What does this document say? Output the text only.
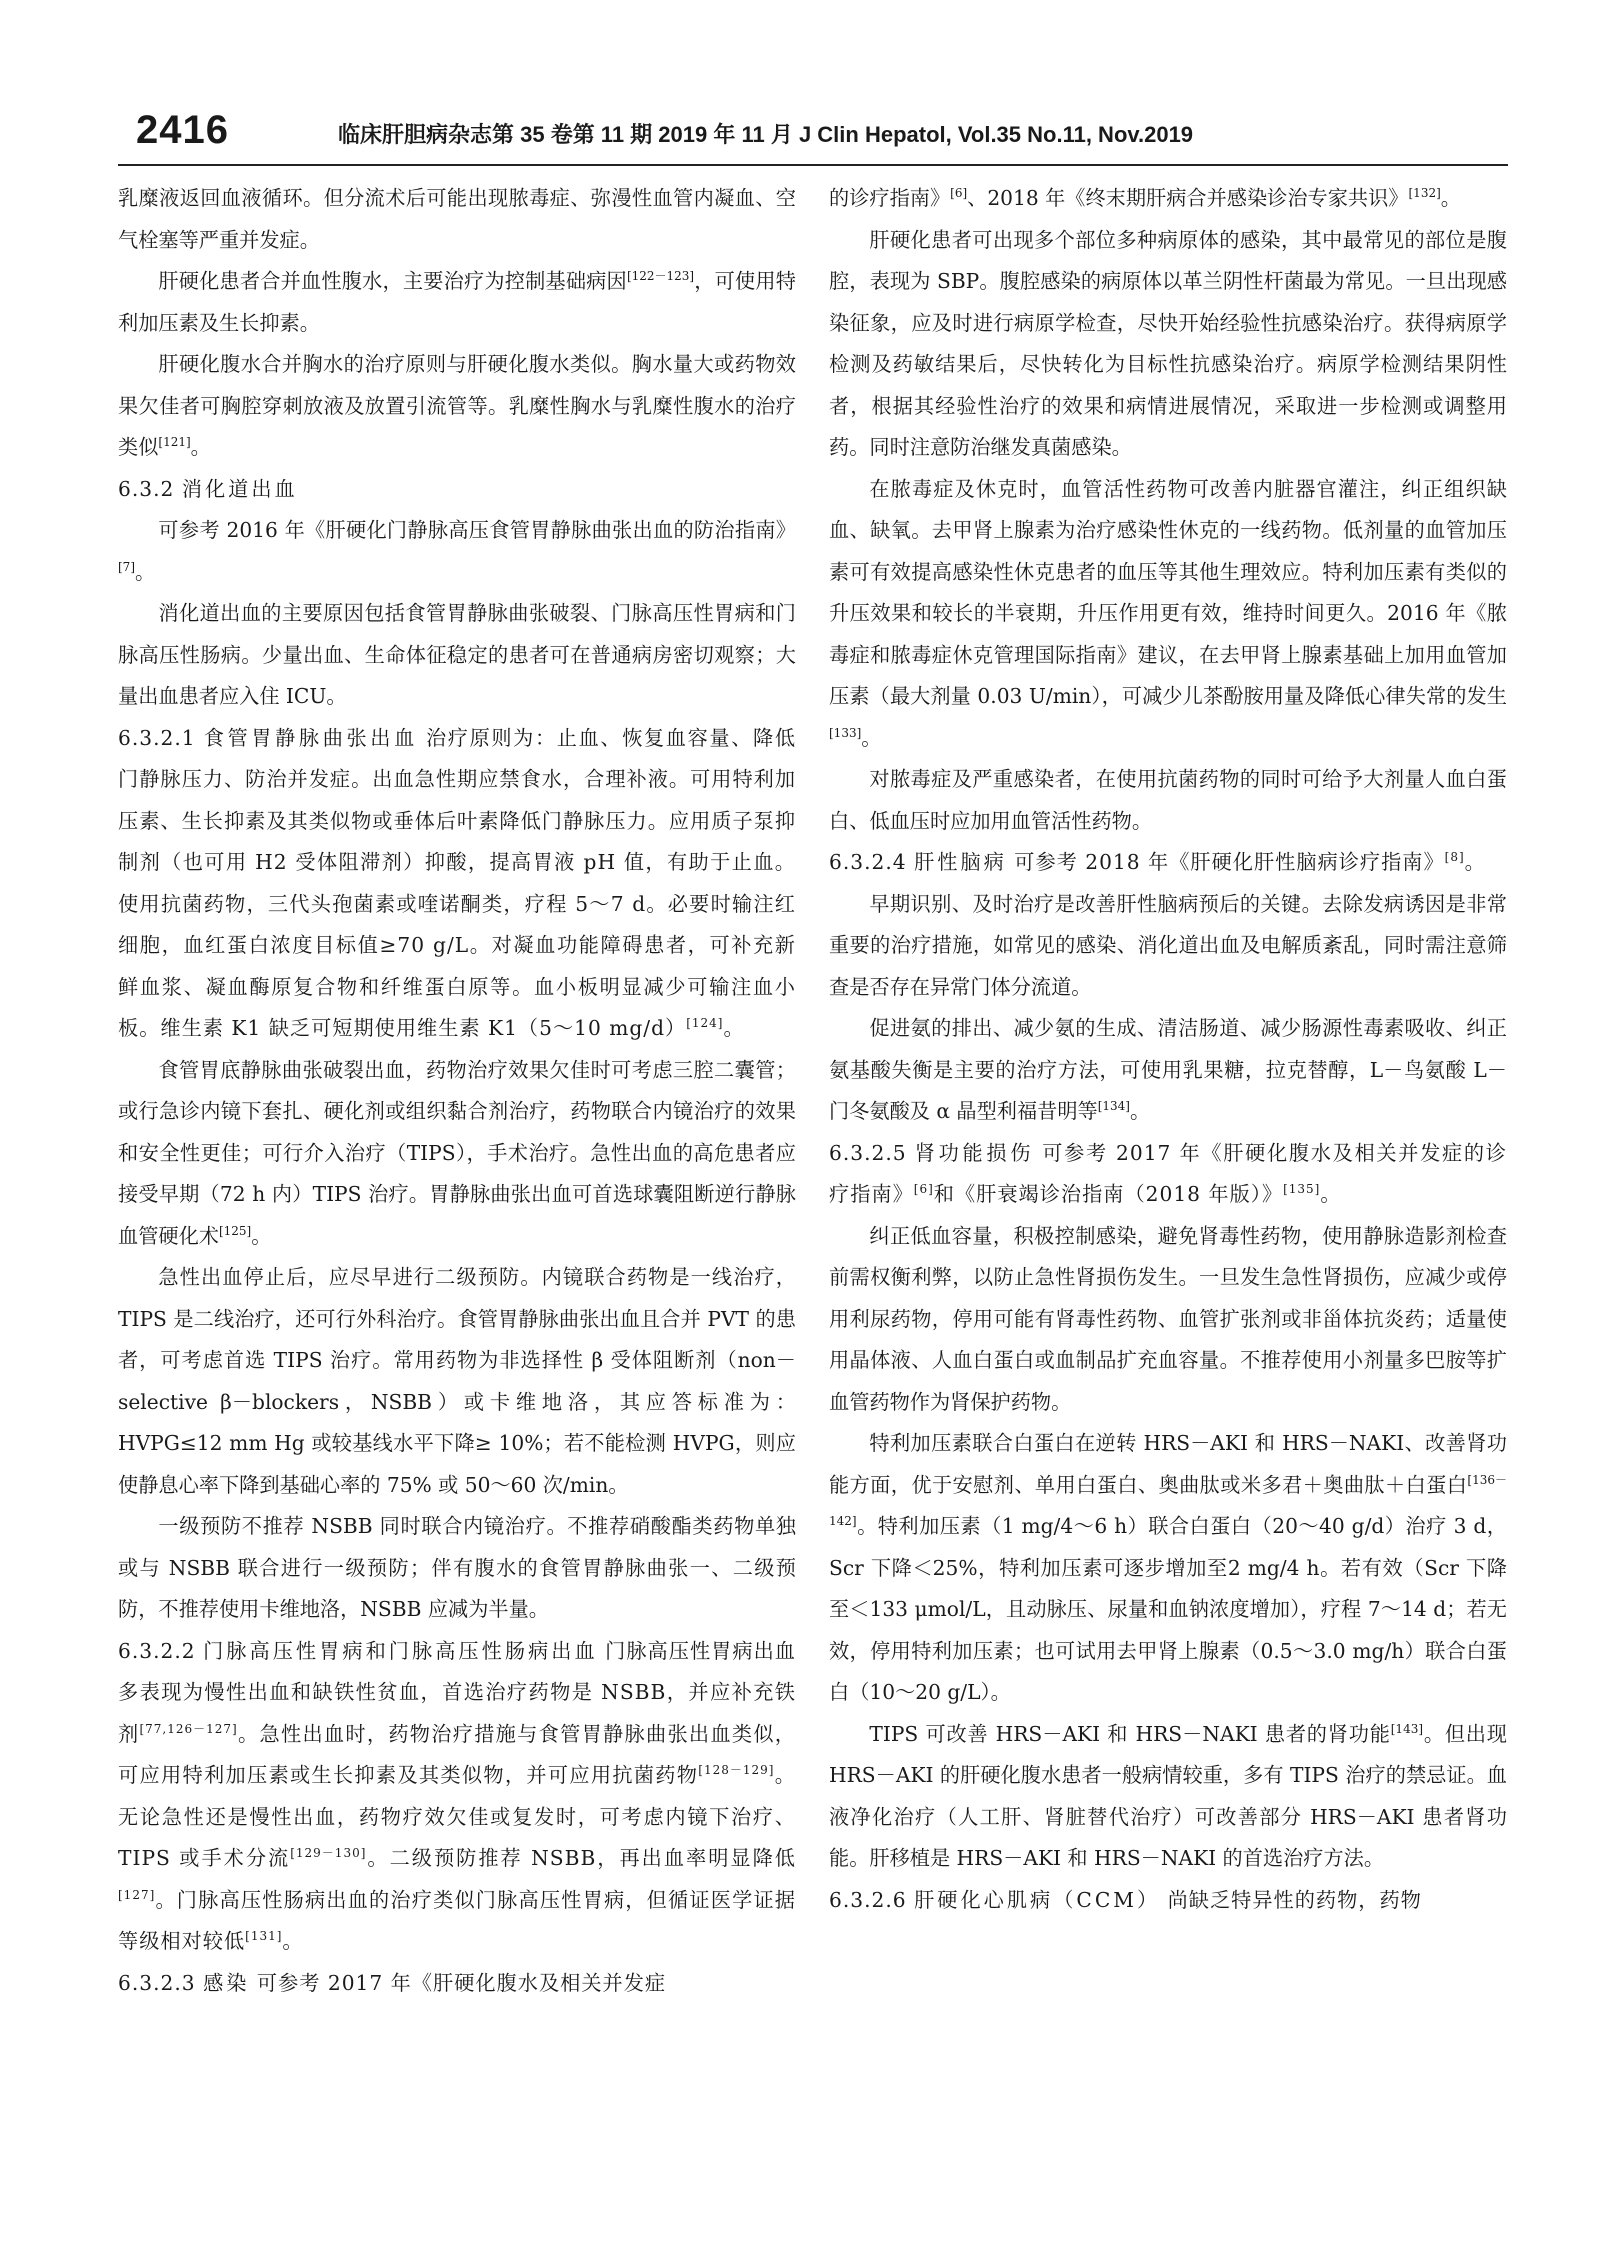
2416	临床肝胆病杂志第 35 卷第 11 期 2019 年 11 月 J Clin Hepatol, Vol.35 No.11, Nov.2019

乳糜液返回血液循环。但分流术后可能出现脓毒症、弥漫性血管内凝血、空气栓塞等严重并发症。

肝硬化患者合并血性腹水，主要治疗为控制基础病因[122－123]，可使用特利加压素及生长抑素。

肝硬化腹水合并胸水的治疗原则与肝硬化腹水类似。胸水量大或药物效果欠佳者可胸腔穿刺放液及放置引流管等。乳糜性胸水与乳糜性腹水的治疗类似[121]。

6.3.2 消化道出血

可参考 2016 年《肝硬化门静脉高压食管胃静脉曲张出血的防治指南》[7]。

消化道出血的主要原因包括食管胃静脉曲张破裂、门脉高压性胃病和门脉高压性肠病。少量出血、生命体征稳定的患者可在普通病房密切观察；大量出血患者应入住 ICU。

6.3.2.1 食管胃静脉曲张出血 治疗原则为：止血、恢复血容量、降低门静脉压力、防治并发症。出血急性期应禁食水，合理补液。可用特利加压素、生长抑素及其类似物或垂体后叶素降低门静脉压力。应用质子泵抑制剂（也可用 H2 受体阻滞剂）抑酸，提高胃液 pH 值，有助于止血。使用抗菌药物，三代头孢菌素或喹诺酮类，疗程 5～7 d。必要时输注红细胞，血红蛋白浓度目标值≥70 g/L。对凝血功能障碍患者，可补充新鲜血浆、凝血酶原复合物和纤维蛋白原等。血小板明显减少可输注血小板。维生素 K1 缺乏可短期使用维生素 K1（5～10 mg/d）[124]。

食管胃底静脉曲张破裂出血，药物治疗效果欠佳时可考虑三腔二囊管；或行急诊内镜下套扎、硬化剂或组织黏合剂治疗，药物联合内镜治疗的效果和安全性更佳；可行介入治疗（TIPS），手术治疗。急性出血的高危患者应接受早期（72 h 内）TIPS 治疗。胃静脉曲张出血可首选球囊阻断逆行静脉血管硬化术[125]。

急性出血停止后，应尽早进行二级预防。内镜联合药物是一线治疗，TIPS 是二线治疗，还可行外科治疗。食管胃静脉曲张出血且合并 PVT 的患者，可考虑首选 TIPS 治疗。常用药物为非选择性 β 受体阻断剂（non－selective β－blockers，NSBB）或卡维地洛，其应答标准为：HVPG≤12 mm Hg 或较基线水平下降≥ 10%；若不能检测 HVPG，则应使静息心率下降到基础心率的 75% 或 50～60 次/min。

一级预防不推荐 NSBB 同时联合内镜治疗。不推荐硝酸酯类药物单独或与 NSBB 联合进行一级预防；伴有腹水的食管胃静脉曲张一、二级预防，不推荐使用卡维地洛，NSBB 应减为半量。

6.3.2.2 门脉高压性胃病和门脉高压性肠病出血 门脉高压性胃病出血多表现为慢性出血和缺铁性贫血，首选治疗药物是 NSBB，并应补充铁剂[77,126－127]。急性出血时，药物治疗措施与食管胃静脉曲张出血类似，可应用特利加压素或生长抑素及其类似物，并可应用抗菌药物[128－129]。无论急性还是慢性出血，药物疗效欠佳或复发时，可考虑内镜下治疗、TIPS 或手术分流[129－130]。二级预防推荐 NSBB，再出血率明显降低[127]。门脉高压性肠病出血的治疗类似门脉高压性胃病，但循证医学证据等级相对较低[131]。

6.3.2.3 感染 可参考 2017 年《肝硬化腹水及相关并发症

的诊疗指南》[6]、2018 年《终末期肝病合并感染诊治专家共识》[132]。

肝硬化患者可出现多个部位多种病原体的感染，其中最常见的部位是腹腔，表现为 SBP。腹腔感染的病原体以革兰阴性杆菌最为常见。一旦出现感染征象，应及时进行病原学检查，尽快开始经验性抗感染治疗。获得病原学检测及药敏结果后，尽快转化为目标性抗感染治疗。病原学检测结果阴性者，根据其经验性治疗的效果和病情进展情况，采取进一步检测或调整用药。同时注意防治继发真菌感染。

在脓毒症及休克时，血管活性药物可改善内脏器官灌注，纠正组织缺血、缺氧。去甲肾上腺素为治疗感染性休克的一线药物。低剂量的血管加压素可有效提高感染性休克患者的血压等其他生理效应。特利加压素有类似的升压效果和较长的半衰期，升压作用更有效，维持时间更久。2016 年《脓毒症和脓毒症休克管理国际指南》建议，在去甲肾上腺素基础上加用血管加压素（最大剂量 0.03 U/min），可减少儿茶酚胺用量及降低心律失常的发生[133]。

对脓毒症及严重感染者，在使用抗菌药物的同时可给予大剂量人血白蛋白、低血压时应加用血管活性药物。

6.3.2.4 肝性脑病 可参考 2018 年《肝硬化肝性脑病诊疗指南》[8]。

早期识别、及时治疗是改善肝性脑病预后的关键。去除发病诱因是非常重要的治疗措施，如常见的感染、消化道出血及电解质紊乱，同时需注意筛查是否存在异常门体分流道。

促进氨的排出、减少氨的生成、清洁肠道、减少肠源性毒素吸收、纠正氨基酸失衡是主要的治疗方法，可使用乳果糖，拉克替醇，L－鸟氨酸 L－门冬氨酸及 α 晶型利福昔明等[134]。

6.3.2.5 肾功能损伤 可参考 2017 年《肝硬化腹水及相关并发症的诊疗指南》[6]和《肝衰竭诊治指南（2018 年版）》[135]。

纠正低血容量，积极控制感染，避免肾毒性药物，使用静脉造影剂检查前需权衡利弊，以防止急性肾损伤发生。一旦发生急性肾损伤，应减少或停用利尿药物，停用可能有肾毒性药物、血管扩张剂或非甾体抗炎药；适量使用晶体液、人血白蛋白或血制品扩充血容量。不推荐使用小剂量多巴胺等扩血管药物作为肾保护药物。

特利加压素联合白蛋白在逆转 HRS－AKI 和 HRS－NAKI、改善肾功能方面，优于安慰剂、单用白蛋白、奥曲肽或米多君＋奥曲肽＋白蛋白[136－142]。特利加压素（1 mg/4～6 h）联合白蛋白（20～40 g/d）治疗 3 d，Scr 下降＜25%，特利加压素可逐步增加至2 mg/4 h。若有效（Scr 下降至＜133 μmol/L，且动脉压、尿量和血钠浓度增加），疗程 7～14 d；若无效，停用特利加压素；也可试用去甲肾上腺素（0.5～3.0 mg/h）联合白蛋白（10～20 g/L）。

TIPS 可改善 HRS－AKI 和 HRS－NAKI 患者的肾功能[143]。但出现 HRS－AKI 的肝硬化腹水患者一般病情较重，多有 TIPS 治疗的禁忌证。血液净化治疗（人工肝、肾脏替代治疗）可改善部分 HRS－AKI 患者肾功能。肝移植是 HRS－AKI 和 HRS－NAKI 的首选治疗方法。

6.3.2.6 肝硬化心肌病（CCM） 尚缺乏特异性的药物，药物
